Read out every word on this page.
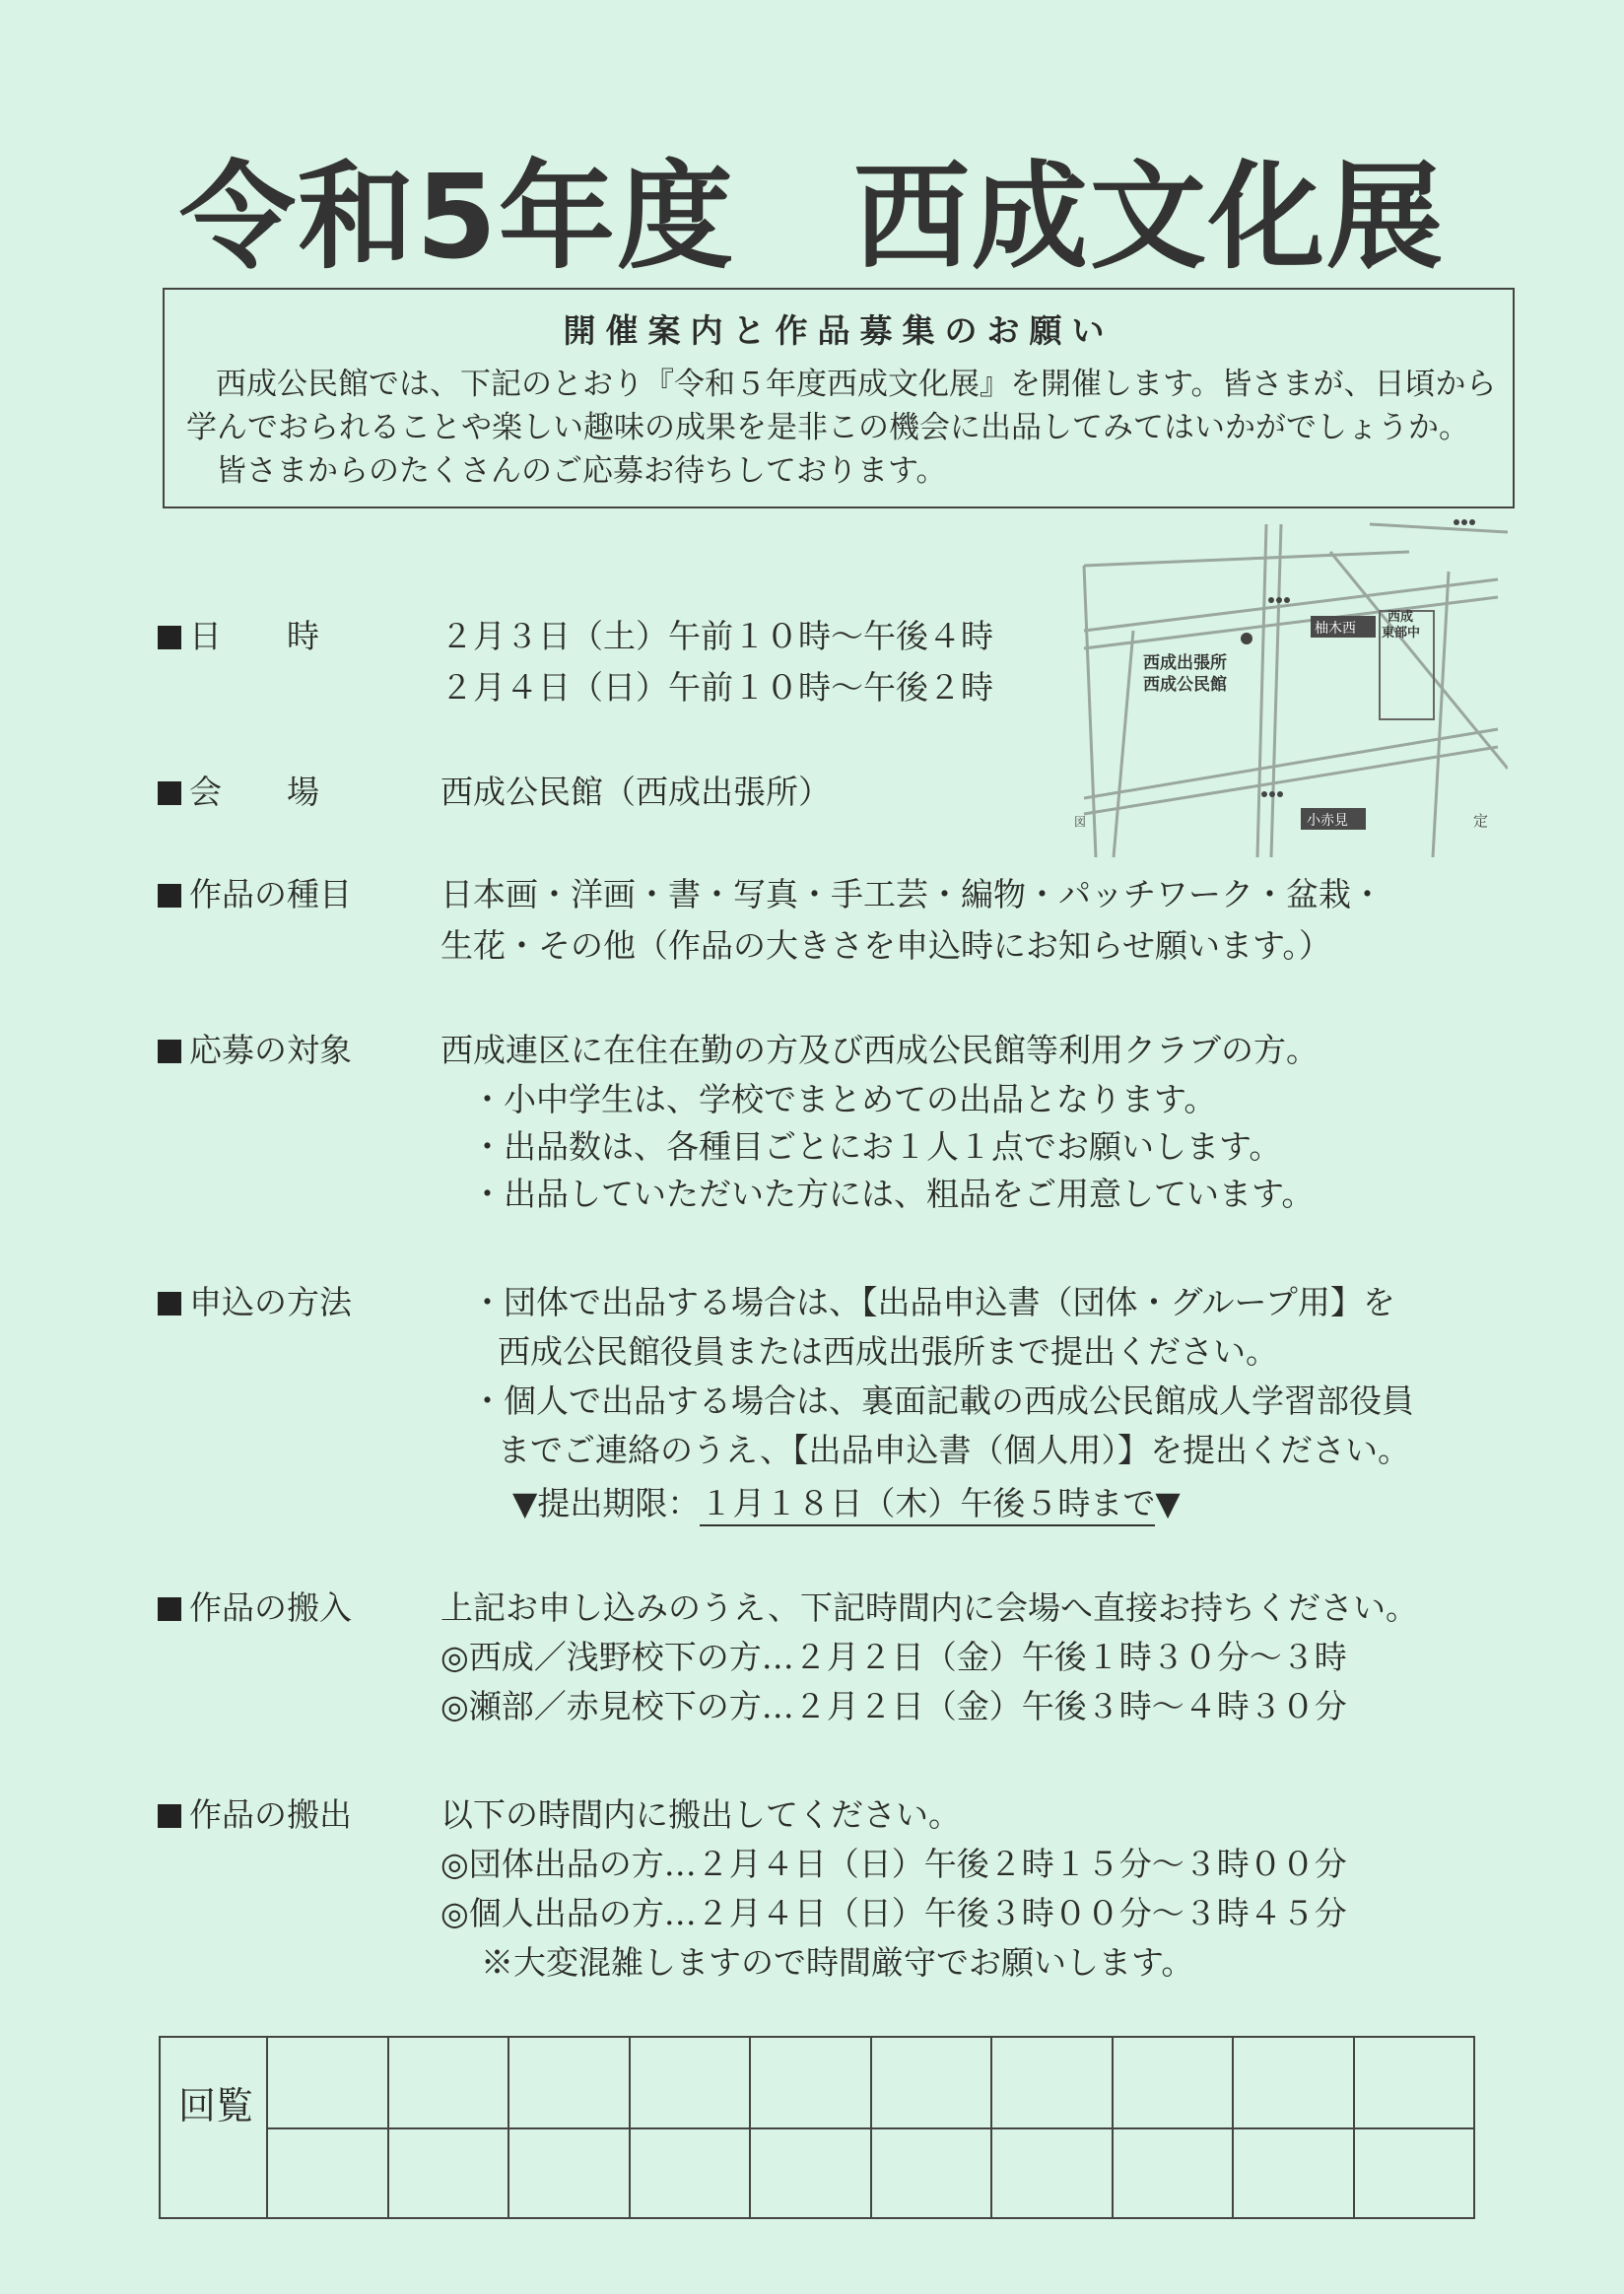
令和5年度　西成文化展
開催案内と作品募集のお願い
西成公民館では、下記のとおり『令和５年度西成文化展』を開催します。皆さまが、日頃から
学んでおられることや楽しい趣味の成果を是非この機会に出品してみてはいかがでしょうか。
皆さまからのたくさんのご応募お待ちしております。
西成出張所
西成公民館
柚木西
西成
東部中
小赤見	定
図
日　　時	２月３日（土）午前１０時～午後４時
２月４日（日）午前１０時～午後２時
会　　場	西成公民館（西成出張所）
作品の種目	日本画・洋画・書・写真・手工芸・編物・パッチワーク・盆栽・
生花・その他（作品の大きさを申込時にお知らせ願います。）
応募の対象	西成連区に在住在勤の方及び西成公民館等利用クラブの方。
・小中学生は、学校でまとめての出品となります。
・出品数は、各種目ごとにお１人１点でお願いします。
・出品していただいた方には、粗品をご用意しています。
申込の方法	・団体で出品する場合は、【出品申込書（団体・グループ用】を
西成公民館役員または西成出張所まで提出ください。
・個人で出品する場合は、裏面記載の西成公民館成人学習部役員
までご連絡のうえ、【出品申込書（個人用）】を提出ください。
▼提出期限：１月１８日（木）午後５時まで▼
作品の搬入	上記お申し込みのうえ、下記時間内に会場へ直接お持ちください。
◎西成／浅野校下の方…２月２日（金）午後１時３０分～３時
◎瀬部／赤見校下の方…２月２日（金）午後３時～４時３０分
作品の搬出	以下の時間内に搬出してください。
◎団体出品の方…２月４日（日）午後２時１５分～３時００分
◎個人出品の方…２月４日（日）午後３時００分～３時４５分
※大変混雑しますので時間厳守でお願いします。
回覧
